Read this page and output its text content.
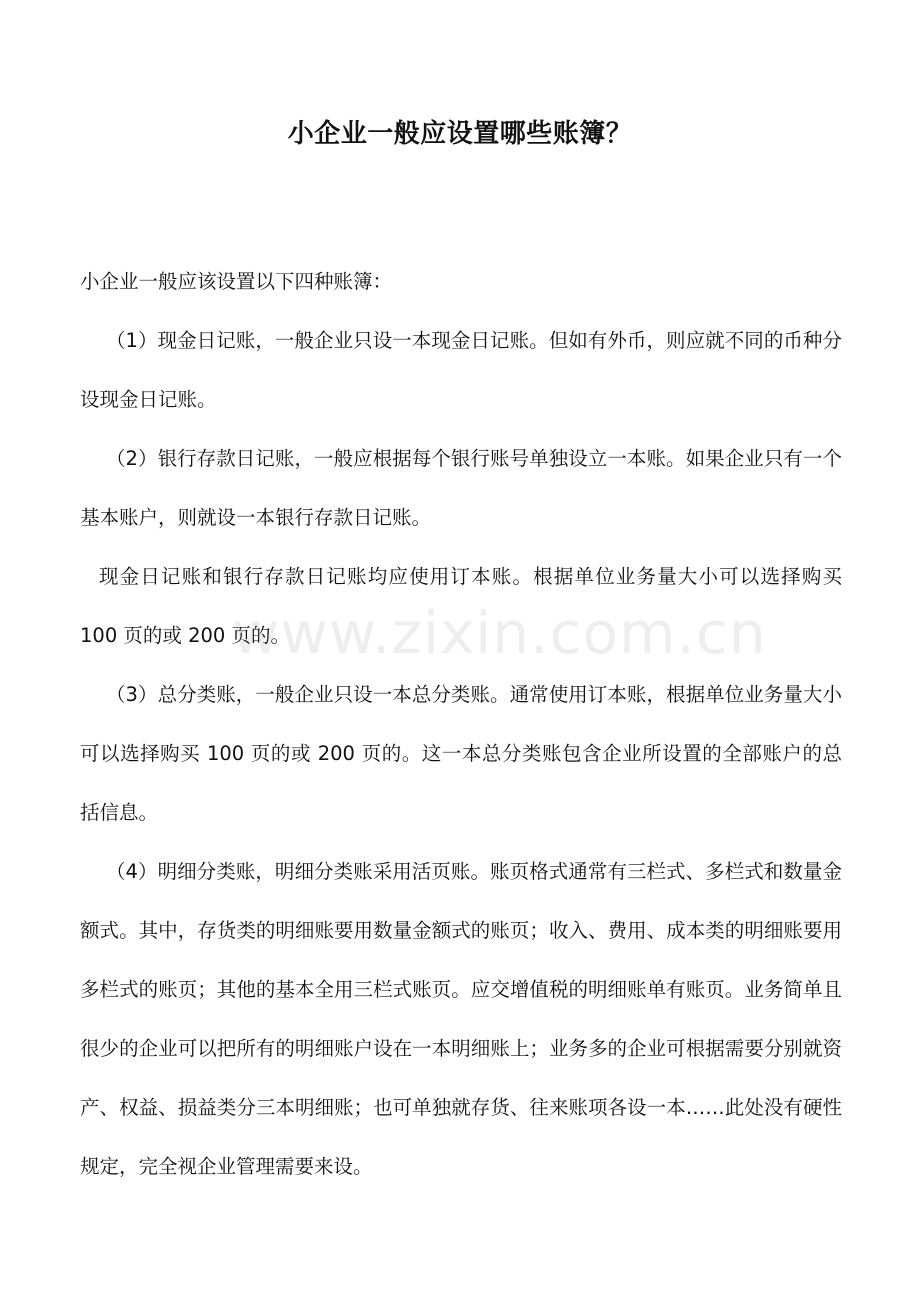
小企业一般应设置哪些账簿？

小企业一般应该设置以下四种账簿：

（1）现金日记账，一般企业只设一本现金日记账。但如有外币，则应就不同的币种分设现金日记账。

（2）银行存款日记账，一般应根据每个银行账号单独设立一本账。如果企业只有一个基本账户，则就设一本银行存款日记账。

现金日记账和银行存款日记账均应使用订本账。根据单位业务量大小可以选择购买 100 页的或 200 页的。

（3）总分类账，一般企业只设一本总分类账。通常使用订本账，根据单位业务量大小可以选择购买 100 页的或 200 页的。这一本总分类账包含企业所设置的全部账户的总括信息。

（4）明细分类账，明细分类账采用活页账。账页格式通常有三栏式、多栏式和数量金额式。其中，存货类的明细账要用数量金额式的账页；收入、费用、成本类的明细账要用多栏式的账页；其他的基本全用三栏式账页。应交增值税的明细账单有账页。业务简单且很少的企业可以把所有的明细账户设在一本明细账上；业务多的企业可根据需要分别就资产、权益、损益类分三本明细账；也可单独就存货、往来账项各设一本……此处没有硬性规定，完全视企业管理需要来设。

www.zixin.com.cn
